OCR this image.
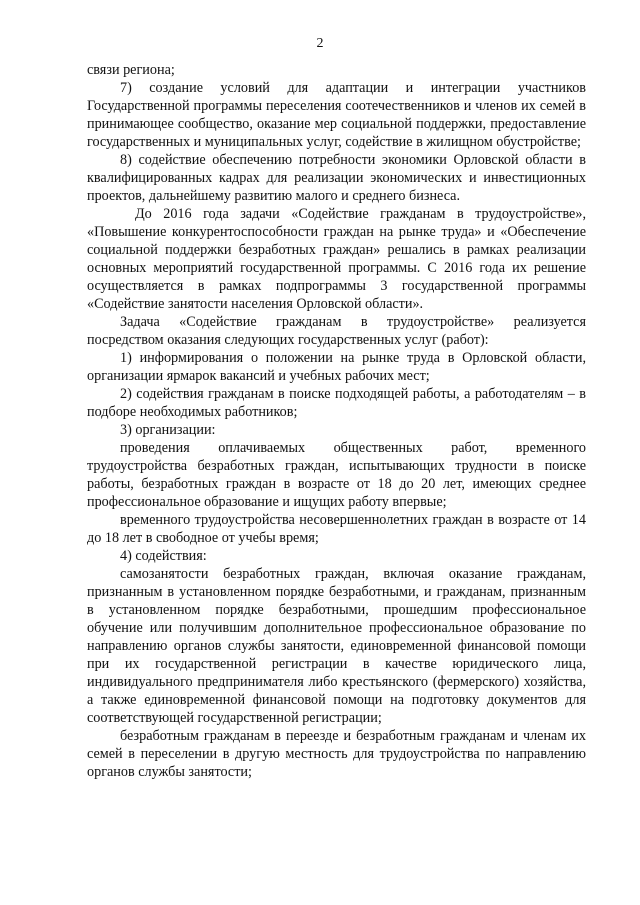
2

связи региона;

7) создание условий для адаптации и интеграции участников Государственной программы переселения соотечественников и членов их семей в принимающее сообщество, оказание мер социальной поддержки, предоставление государственных и муниципальных услуг, содействие в жилищном обустройстве;

8) содействие обеспечению потребности экономики Орловской области в квалифицированных кадрах для реализации экономических и инвестиционных проектов, дальнейшему развитию малого и среднего бизнеса.

До 2016 года задачи «Содействие гражданам в трудоустройстве», «Повышение конкурентоспособности граждан на рынке труда» и «Обеспечение социальной поддержки безработных граждан» решались в рамках реализации основных мероприятий государственной программы. С 2016 года их решение осуществляется в рамках подпрограммы 3 государственной программы «Содействие занятости населения Орловской области».

Задача «Содействие гражданам в трудоустройстве» реализуется посредством оказания следующих государственных услуг (работ):

1) информирования о положении на рынке труда в Орловской области, организации ярмарок вакансий и учебных рабочих мест;

2) содействия гражданам в поиске подходящей работы, а работодателям – в подборе необходимых работников;

3) организации:

проведения оплачиваемых общественных работ, временного трудоустройства безработных граждан, испытывающих трудности в поиске работы, безработных граждан в возрасте от 18 до 20 лет, имеющих среднее профессиональное образование и ищущих работу впервые;

временного трудоустройства несовершеннолетних граждан в возрасте от 14 до 18 лет в свободное от учебы время;

4) содействия:

самозанятости безработных граждан, включая оказание гражданам, признанным в установленном порядке безработными, и гражданам, признанным в установленном порядке безработными, прошедшим профессиональное обучение или получившим дополнительное профессиональное образование по направлению органов службы занятости, единовременной финансовой помощи при их государственной регистрации в качестве юридического лица, индивидуального предпринимателя либо крестьянского (фермерского) хозяйства, а также единовременной финансовой помощи на подготовку документов для соответствующей государственной регистрации;

безработным гражданам в переезде и безработным гражданам и членам их семей в переселении в другую местность для трудоустройства по направлению органов службы занятости;
